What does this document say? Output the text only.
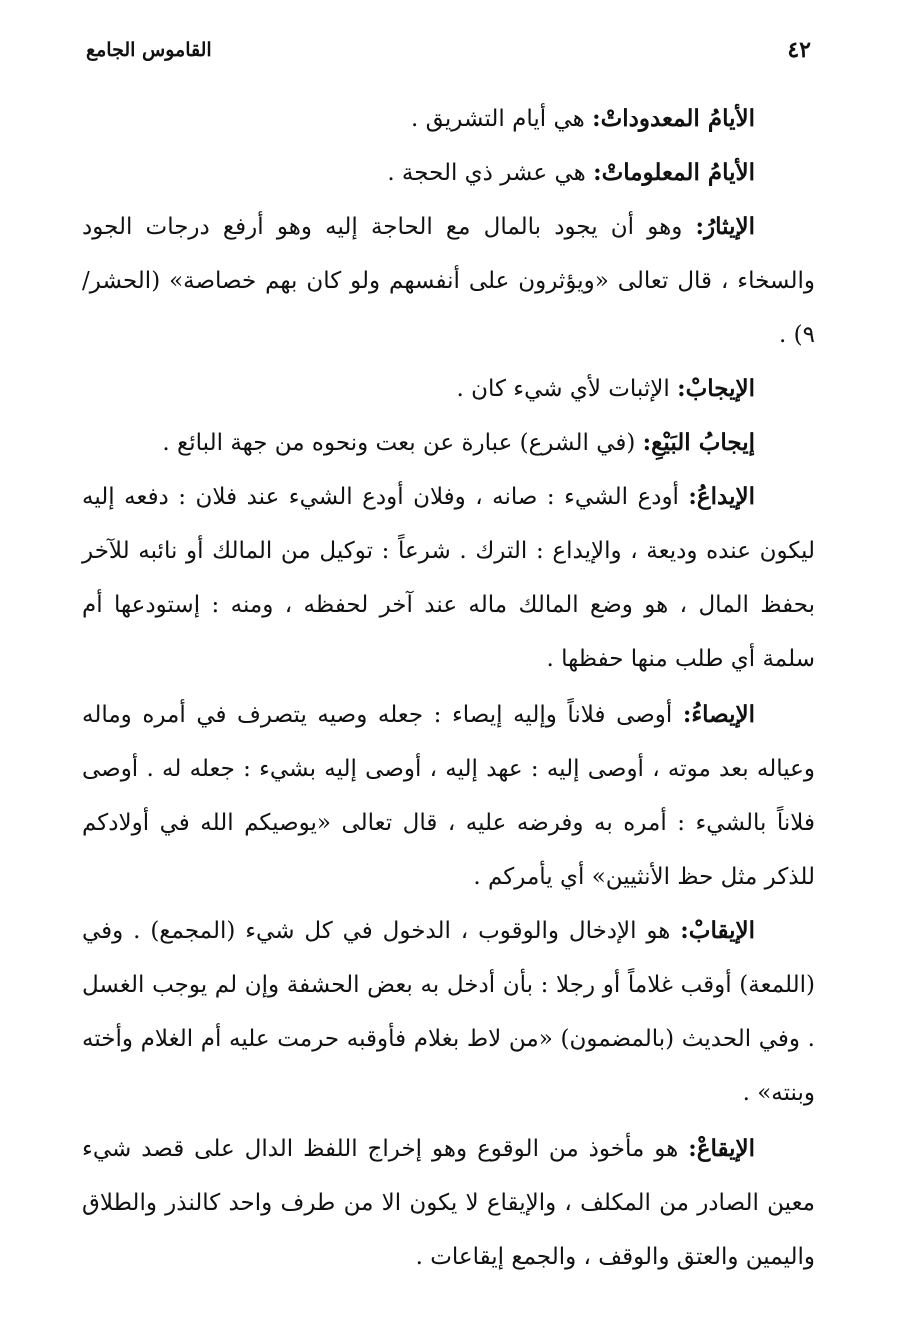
٤٢
القاموس الجامع

الأيامُ المعدوداتْ: هي أيام التشريق .

الأيامُ المعلوماتْ: هي عشر ذي الحجة .

الإيثارُ: وهو أن يجود بالمال مع الحاجة إليه وهو أرفع درجات الجود والسخاء ، قال تعالى «ويؤثرون على أنفسهم ولو كان بهم خصاصة» (الحشر/٩) .

الإيجابْ: الإثبات لأي شيء كان .

إيجابُ البَيْعِ: (في الشرع) عبارة عن بعت ونحوه من جهة البائع .

الإيداعُ: أودع الشيء : صانه ، وفلان أودع الشيء عند فلان : دفعه إليه ليكون عنده وديعة ، والإيداع : الترك . شرعاً : توكيل من المالك أو نائبه للآخر بحفظ المال ، هو وضع المالك ماله عند آخر لحفظه ، ومنه : إستودعها أم سلمة أي طلب منها حفظها .

الإيصاءُ: أوصى فلاناً وإليه إيصاء : جعله وصيه يتصرف في أمره وماله وعياله بعد موته ، أوصى إليه : عهد إليه ، أوصى إليه بشيء : جعله له . أوصى فلاناً بالشيء : أمره به وفرضه عليه ، قال تعالى «يوصيكم الله في أولادكم للذكر مثل حظ الأنثيين» أي يأمركم .

الإيقابْ: هو الإدخال والوقوب ، الدخول في كل شيء (المجمع) . وفي (اللمعة) أوقب غلاماً أو رجلا : بأن أدخل به بعض الحشفة وإن لم يوجب الغسل . وفي الحديث (بالمضمون) «من لاط بغلام فأوقبه حرمت عليه أم الغلام وأخته وبنته» .

الإيقاعْ: هو مأخوذ من الوقوع وهو إخراج اللفظ الدال على قصد شيء معين الصادر من المكلف ، والإيقاع لا يكون الا من طرف واحد كالنذر والطلاق واليمين والعتق والوقف ، والجمع إيقاعات .
